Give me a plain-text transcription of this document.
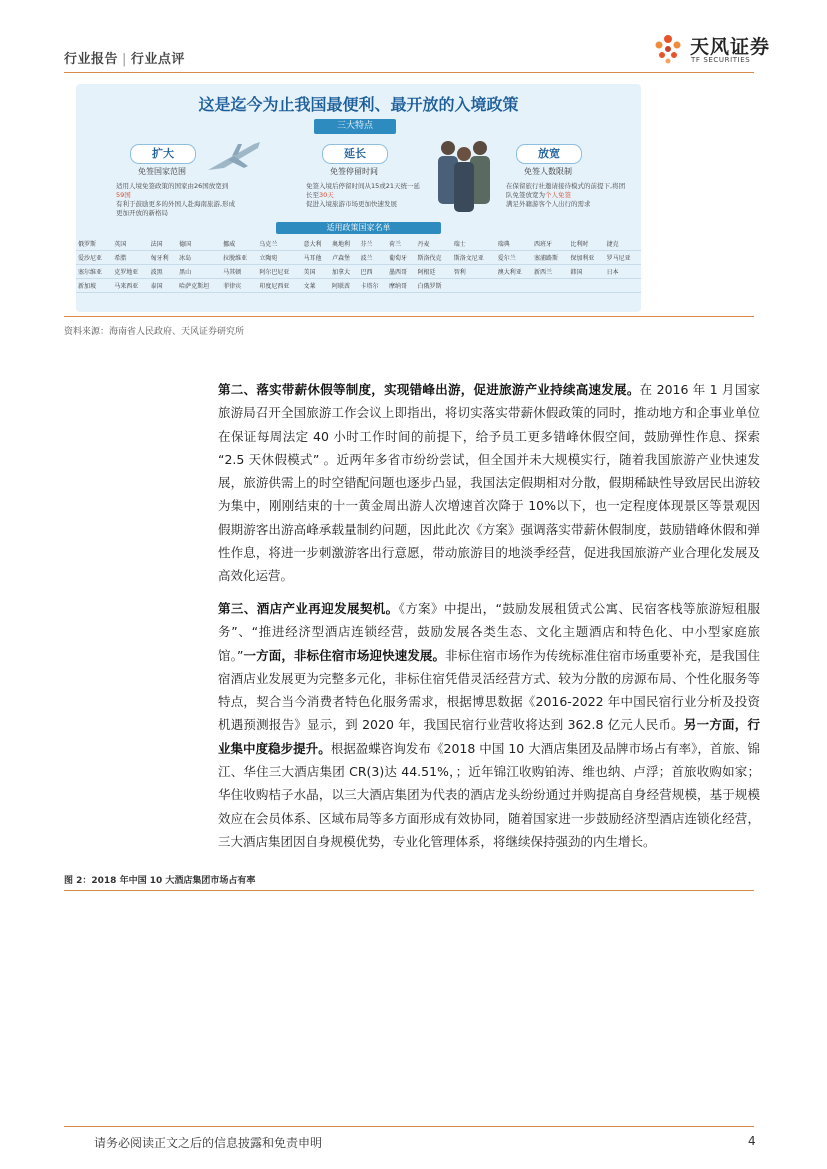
行业报告 | 行业点评
天风证券
TF SECURITIES
这是迄今为止我国最便利、最开放的入境政策
三大特点
扩大
免签国家范围
适用人境免签政策的国家由26国放宽到59国
有利于鼓励更多的外国人赴海南旅游,形成更加开放的新格局
延长
免签停留时间
免签入境后停留时间从15或21天统一延长至30天
促进入境旅游市场更加快速发展
放宽
免签人数限制
在保留旅行社邀请接待模式的前提下,将团队免签放宽为个人免签
满足外籍游客个人出行的需求
适用政策国家名单
俄罗斯	英国	法国	德国	挪威	乌克兰	意大利	奥地利	芬兰	荷兰	丹麦	瑞士	瑞典	西班牙	比利时	捷克
爱沙尼亚	希腊	匈牙利	冰岛	拉脱维亚	立陶宛	马耳他	卢森堡	波兰	葡萄牙	斯洛伐克	斯洛文尼亚	爱尔兰	塞浦路斯	保加利亚	罗马尼亚
塞尔维亚	克罗地亚	波黑	黑山	马其顿	阿尔巴尼亚	美国	加拿大	巴西	墨西哥	阿根廷	智利	澳大利亚	新西兰	韩国	日本
新加坡	马来西亚	泰国	哈萨克斯坦	菲律宾	印度尼西亚	文莱	阿联酋	卡塔尔	摩纳哥	白俄罗斯					
资料来源：海南省人民政府、天风证券研究所

第二、落实带薪休假等制度，实现错峰出游，促进旅游产业持续高速发展。在 2016 年 1 月国家旅游局召开全国旅游工作会议上即指出，将切实落实带薪休假政策的同时，推动地方和企事业单位在保证每周法定 40 小时工作时间的前提下，给予员工更多错峰休假空间，鼓励弹性作息、探索 “2.5 天休假模式” 。近两年多省市纷纷尝试，但全国并未大规模实行，随着我国旅游产业快速发展，旅游供需上的时空错配问题也逐步凸显，我国法定假期相对分散，假期稀缺性导致居民出游较为集中，刚刚结束的十一黄金周出游人次增速首次降于 10%以下，也一定程度体现景区等景观因假期游客出游高峰承载量制约问题，因此此次《方案》强调落实带薪休假制度，鼓励错峰休假和弹性作息，将进一步刺激游客出行意愿，带动旅游目的地淡季经营，促进我国旅游产业合理化发展及高效化运营。

第三、酒店产业再迎发展契机。《方案》中提出，“鼓励发展租赁式公寓、民宿客栈等旅游短租服务”、“推进经济型酒店连锁经营，鼓励发展各类生态、文化主题酒店和特色化、中小型家庭旅馆。”一方面，非标住宿市场迎快速发展。非标住宿市场作为传统标准住宿市场重要补充，是我国住宿酒店业发展更为完整多元化，非标住宿凭借灵活经营方式、较为分散的房源布局、个性化服务等特点，契合当今消费者特色化服务需求，根据博思数据《2016-2022 年中国民宿行业分析及投资机遇预测报告》显示，到 2020 年，我国民宿行业营收将达到 362.8 亿元人民币。另一方面，行业集中度稳步提升。根据盈蝶咨询发布《2018 中国 10 大酒店集团及品牌市场占有率》，首旅、锦江、华住三大酒店集团 CR(3)达 44.51%，；近年锦江收购铂涛、维也纳、卢浮；首旅收购如家；华住收购桔子水晶，以三大酒店集团为代表的酒店龙头纷纷通过并购提高自身经营规模，基于规模效应在会员体系、区域布局等多方面形成有效协同，随着国家进一步鼓励经济型酒店连锁化经营，三大酒店集团因自身规模优势，专业化管理体系，将继续保持强劲的内生增长。

图 2：2018 年中国 10 大酒店集团市场占有率
请务必阅读正文之后的信息披露和免责申明	4
